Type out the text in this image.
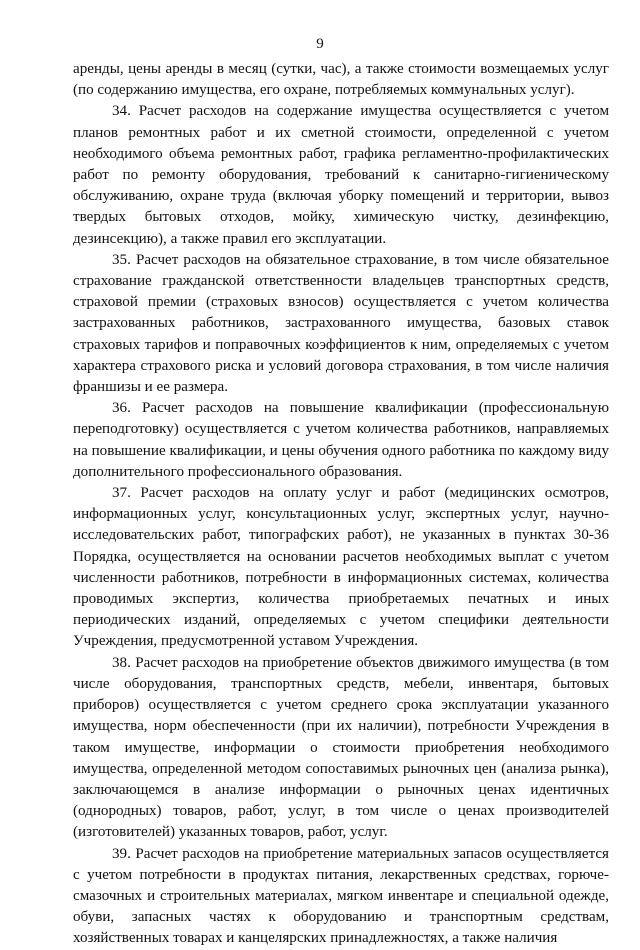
9

аренды, цены аренды в месяц (сутки, час), а также стоимости возмещаемых услуг (по содержанию имущества, его охране, потребляемых коммунальных услуг).

34. Расчет расходов на содержание имущества осуществляется с учетом планов ремонтных работ и их сметной стоимости, определенной с учетом необходимого объема ремонтных работ, графика регламентно-профилактических работ по ремонту оборудования, требований к санитарно-гигиеническому обслуживанию, охране труда (включая уборку помещений и территории, вывоз твердых бытовых отходов, мойку, химическую чистку, дезинфекцию, дезинсекцию), а также правил его эксплуатации.

35. Расчет расходов на обязательное страхование, в том числе обязательное страхование гражданской ответственности владельцев транспортных средств, страховой премии (страховых взносов) осуществляется с учетом количества застрахованных работников, застрахованного имущества, базовых ставок страховых тарифов и поправочных коэффициентов к ним, определяемых с учетом характера страхового риска и условий договора страхования, в том числе наличия франшизы и ее размера.

36. Расчет расходов на повышение квалификации (профессиональную переподготовку) осуществляется с учетом количества работников, направляемых на повышение квалификации, и цены обучения одного работника по каждому виду дополнительного профессионального образования.

37. Расчет расходов на оплату услуг и работ (медицинских осмотров, информационных услуг, консультационных услуг, экспертных услуг, научно-исследовательских работ, типографских работ), не указанных в пунктах 30-36 Порядка, осуществляется на основании расчетов необходимых выплат с учетом численности работников, потребности в информационных системах, количества проводимых экспертиз, количества приобретаемых печатных и иных периодических изданий, определяемых с учетом специфики деятельности Учреждения, предусмотренной уставом Учреждения.

38. Расчет расходов на приобретение объектов движимого имущества (в том числе оборудования, транспортных средств, мебели, инвентаря, бытовых приборов) осуществляется с учетом среднего срока эксплуатации указанного имущества, норм обеспеченности (при их наличии), потребности Учреждения в таком имуществе, информации о стоимости приобретения необходимого имущества, определенной методом сопоставимых рыночных цен (анализа рынка), заключающемся в анализе информации о рыночных ценах идентичных (однородных) товаров, работ, услуг, в том числе о ценах производителей (изготовителей) указанных товаров, работ, услуг.

39. Расчет расходов на приобретение материальных запасов осуществляется с учетом потребности в продуктах питания, лекарственных средствах, горюче-смазочных и строительных материалах, мягком инвентаре и специальной одежде, обуви, запасных частях к оборудованию и транспортным средствам, хозяйственных товарах и канцелярских принадлежностях, а также наличия
